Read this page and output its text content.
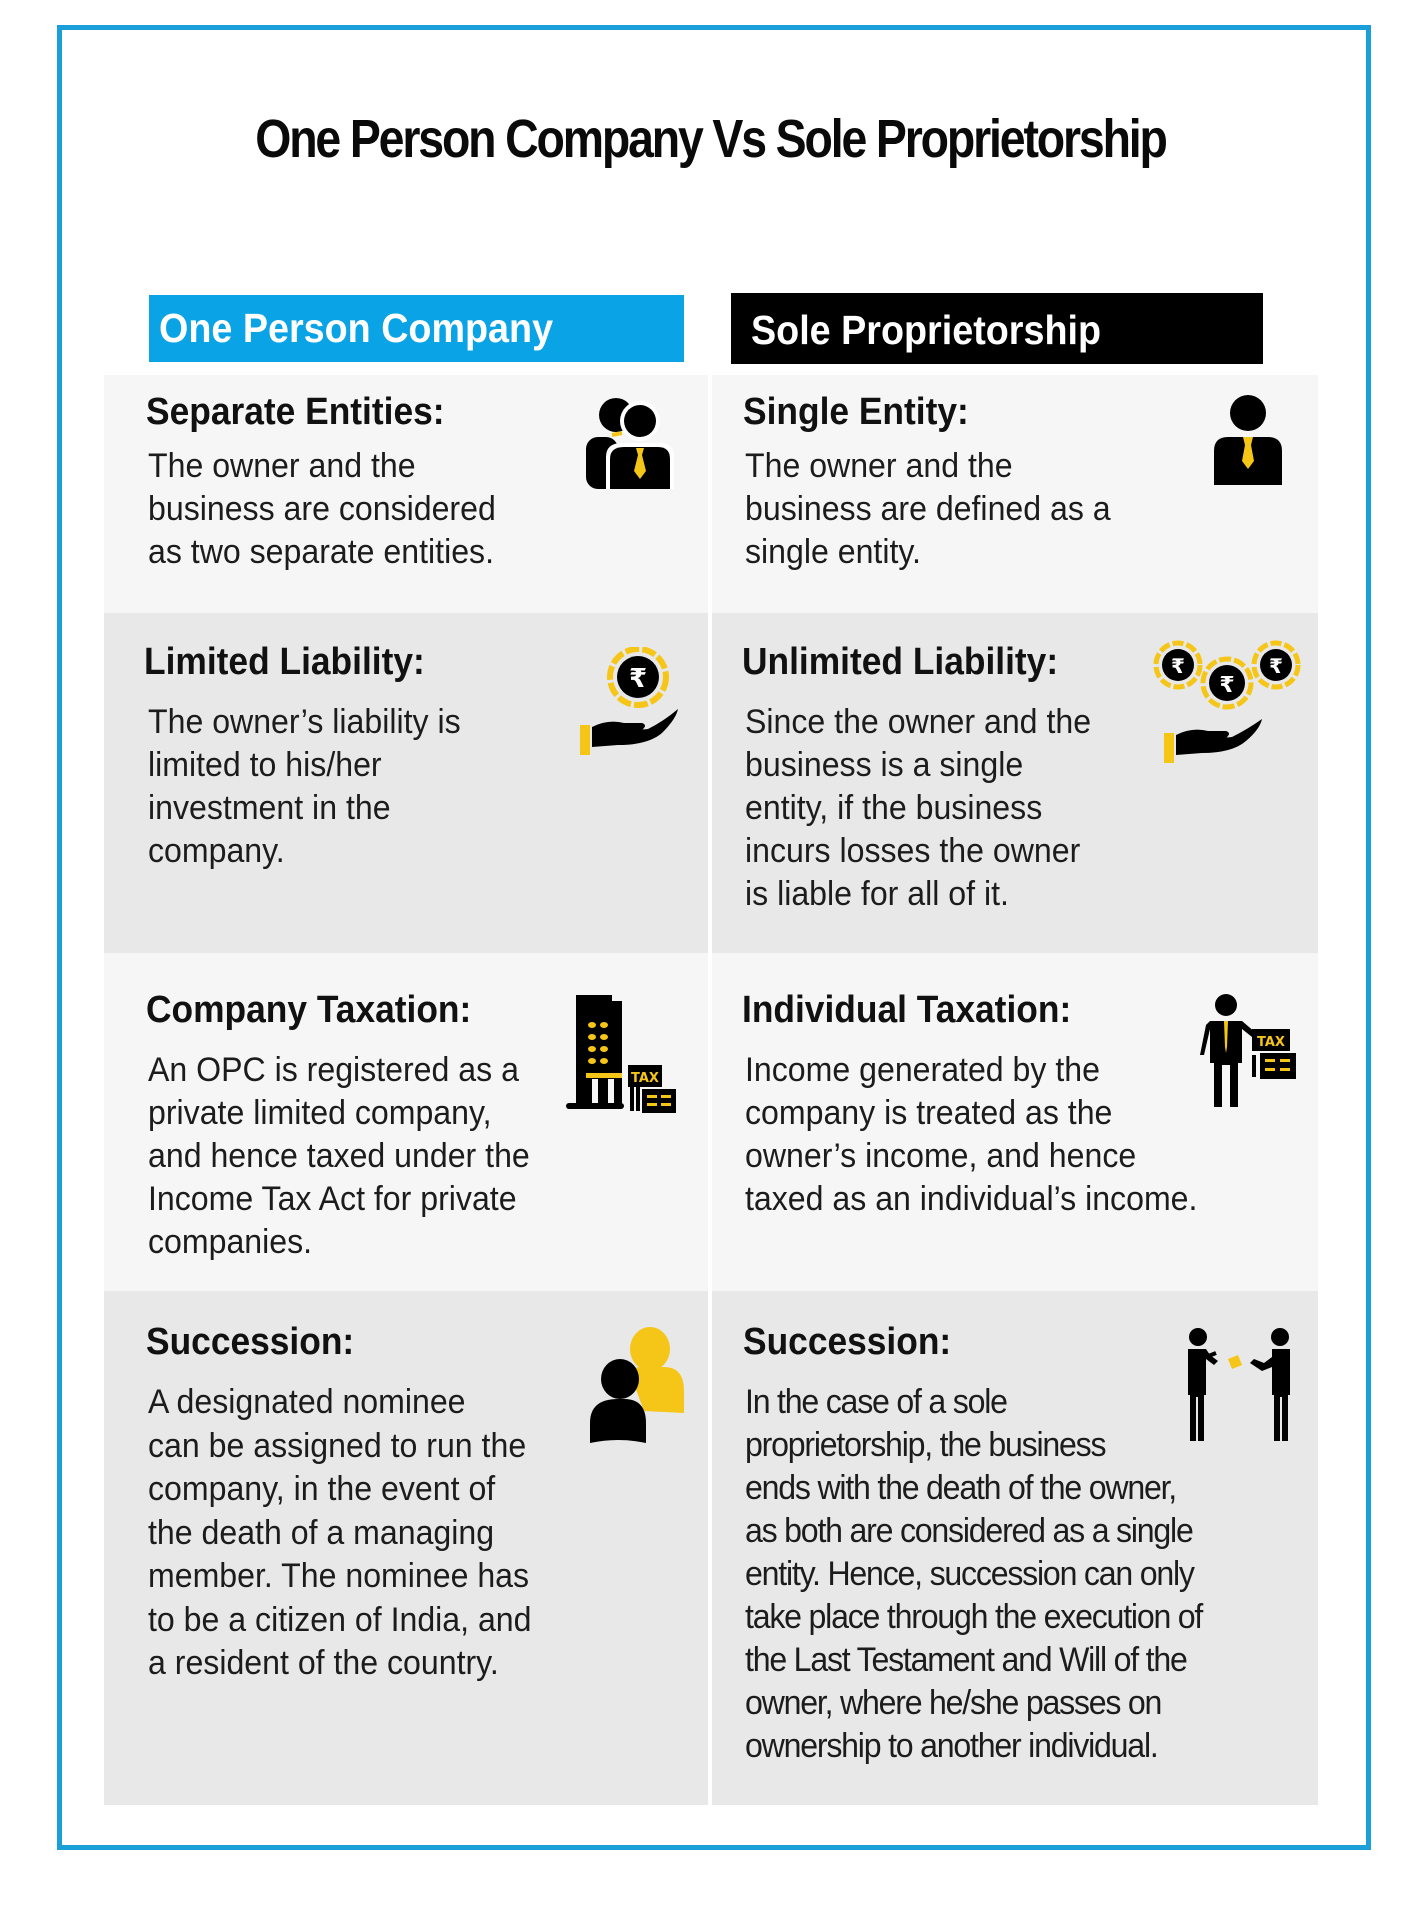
One Person Company Vs Sole Proprietorship
One Person Company	Sole Proprietorship
Separate Entities:
The owner and the
business are considered
as two separate entities.
Single Entity:
The owner and the
business are defined as a
single entity.
Limited Liability:
The owner’s liability is
limited to his/her
investment in the
company.
₹ Unlimited Liability:
Since the owner and the
business is a single
entity, if the business
incurs losses the owner
is liable for all of it.
₹	₹
₹
Company Taxation:
An OPC is registered as a
private limited company,
and hence taxed under the
Income Tax Act for private
companies.
TAX
Individual Taxation:
Income generated by the
company is treated as the
owner’s income, and hence
taxed as an individual’s income.
TAX
Succession:
A designated nominee
can be assigned to run the
company, in the event of
the death of a managing
member. The nominee has
to be a citizen of India, and
a resident of the country.
Succession:
In the case of a sole
proprietorship, the business
ends with the death of the owner,
as both are considered as a single
entity. Hence, succession can only
take place through the execution of
the Last Testament and Will of the
owner, where he/she passes on
ownership to another individual.
